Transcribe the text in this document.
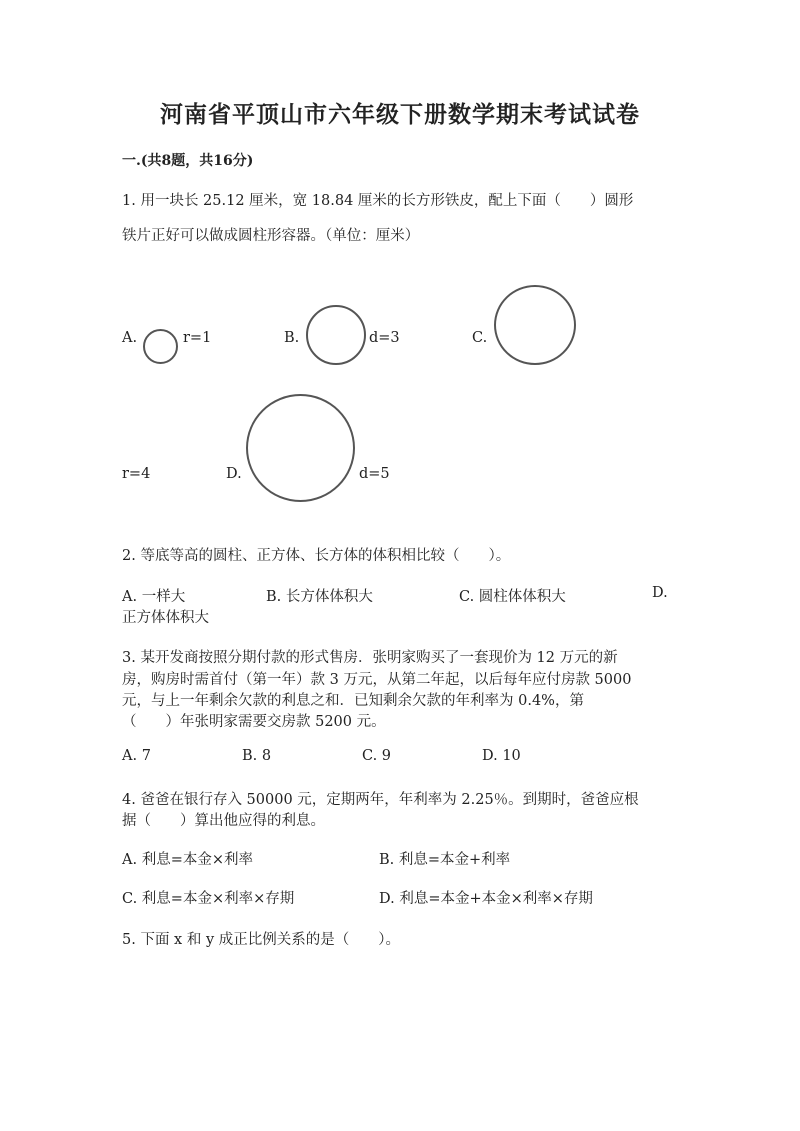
河南省平顶山市六年级下册数学期末考试试卷
一.(共8题，共16分)
1. 用一块长 25.12 厘米，宽 18.84 厘米的长方形铁皮，配上下面（　　）圆形
铁片正好可以做成圆柱形容器。（单位：厘米）
A.	r=1	B.	d=3	C.
r=4	D.	d=5
2. 等底等高的圆柱、正方体、长方体的体积相比较（　　）。
A. 一样大	B. 长方体体积大	C. 圆柱体体积大	D.
正方体体积大
3. 某开发商按照分期付款的形式售房．张明家购买了一套现价为 12 万元的新
房，购房时需首付（第一年）款 3 万元，从第二年起，以后每年应付房款 5000
元，与上一年剩余欠款的利息之和．已知剩余欠款的年利率为 0.4%，第
（　　）年张明家需要交房款 5200 元。
A. 7	B. 8	C. 9	D. 10
4. 爸爸在银行存入 50000 元，定期两年，年利率为 2.25％。到期时，爸爸应根
据（　　）算出他应得的利息。
A. 利息=本金×利率	B. 利息=本金+利率
C. 利息=本金×利率×存期	D. 利息=本金+本金×利率×存期
5. 下面 x 和 y 成正比例关系的是（　　）。
